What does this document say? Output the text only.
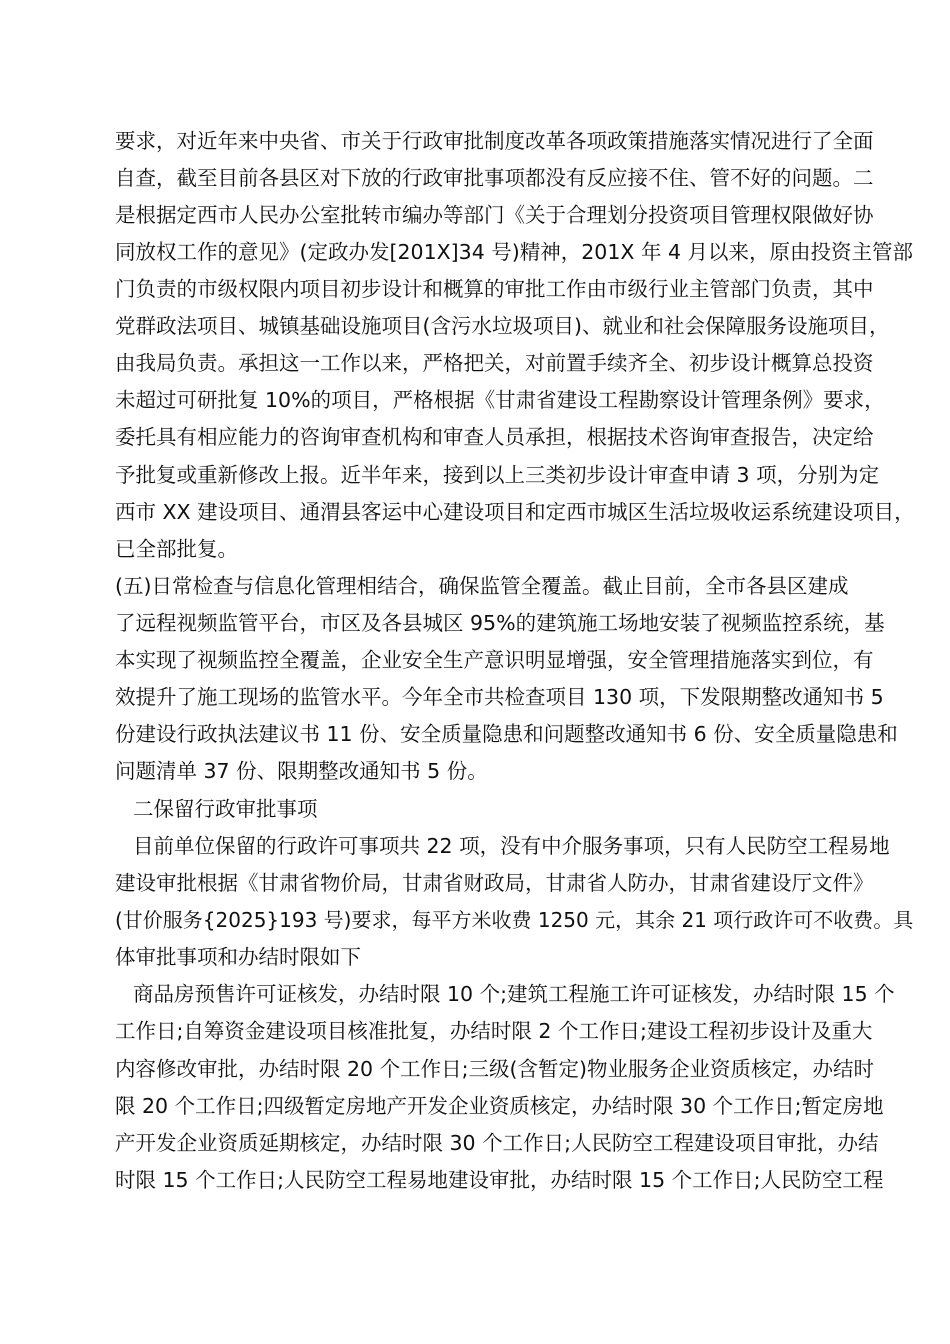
要求，对近年来中央省、市关于行政审批制度改革各项政策措施落实情况进行了全面
自查，截至目前各县区对下放的行政审批事项都没有反应接不住、管不好的问题。二
是根据定西市人民办公室批转市编办等部门《关于合理划分投资项目管理权限做好协
同放权工作的意见》(定政办发[201X]34 号)精神，201X 年 4 月以来，原由投资主管部
门负责的市级权限内项目初步设计和概算的审批工作由市级行业主管部门负责，其中
党群政法项目、城镇基础设施项目(含污水垃圾项目)、就业和社会保障服务设施项目，
由我局负责。承担这一工作以来，严格把关，对前置手续齐全、初步设计概算总投资
未超过可研批复 10%的项目，严格根据《甘肃省建设工程勘察设计管理条例》要求，
委托具有相应能力的咨询审查机构和审查人员承担，根据技术咨询审查报告，决定给
予批复或重新修改上报。近半年来，接到以上三类初步设计审查申请 3 项，分别为定
西市 XX 建设项目、通渭县客运中心建设项目和定西市城区生活垃圾收运系统建设项目，
已全部批复。
(五)日常检查与信息化管理相结合，确保监管全覆盖。截止目前，全市各县区建成
了远程视频监管平台，市区及各县城区 95%的建筑施工场地安装了视频监控系统，基
本实现了视频监控全覆盖，企业安全生产意识明显增强，安全管理措施落实到位，有
效提升了施工现场的监管水平。今年全市共检查项目 130 项，下发限期整改通知书 5
份建设行政执法建议书 11 份、安全质量隐患和问题整改通知书 6 份、安全质量隐患和
问题清单 37 份、限期整改通知书 5 份。
二保留行政审批事项
目前单位保留的行政许可事项共 22 项，没有中介服务事项，只有人民防空工程易地
建设审批根据《甘肃省物价局，甘肃省财政局，甘肃省人防办，甘肃省建设厅文件》
(甘价服务{2025}193 号)要求，每平方米收费 1250 元，其余 21 项行政许可不收费。具
体审批事项和办结时限如下
商品房预售许可证核发，办结时限 10 个;建筑工程施工许可证核发，办结时限 15 个
工作日;自筹资金建设项目核准批复，办结时限 2 个工作日;建设工程初步设计及重大
内容修改审批，办结时限 20 个工作日;三级(含暂定)物业服务企业资质核定，办结时
限 20 个工作日;四级暂定房地产开发企业资质核定，办结时限 30 个工作日;暂定房地
产开发企业资质延期核定，办结时限 30 个工作日;人民防空工程建设项目审批，办结
时限 15 个工作日;人民防空工程易地建设审批，办结时限 15 个工作日;人民防空工程
